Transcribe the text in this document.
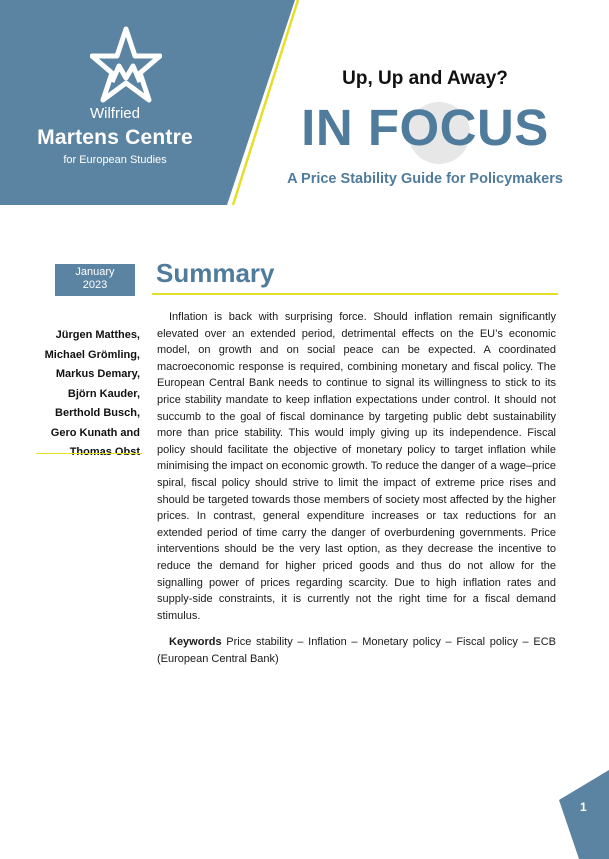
Wilfried
Martens Centre
for European Studies
Up, Up and Away?
IN FOCUS
A Price Stability Guide for Policymakers
January
2023	Summary
Jürgen Matthes,
Michael Grömling,
Markus Demary,
Björn Kauder,
Berthold Busch,
Gero Kunath and
Thomas Obst

Inflation is back with surprising force. Should inflation remain significantly elevated over an extended period, detrimental effects on the EU’s economic model, on growth and on social peace can be expected. A coordinated macroeconomic response is required, combining monetary and fiscal policy. The European Central Bank needs to continue to signal its willingness to stick to its price stability mandate to keep inflation expectations under control. It should not succumb to the goal of fiscal dominance by targeting public debt sustainability more than price stability. This would imply giving up its independence. Fiscal policy should facilitate the objective of monetary policy to target inflation while minimising the impact on economic growth. To reduce the danger of a wage–price spiral, fiscal policy should strive to limit the impact of extreme price rises and should be targeted towards those members of society most affected by the higher prices. In contrast, general expenditure increases or tax reductions for an extended period of time carry the danger of overburdening governments. Price interventions should be the very last option, as they decrease the incentive to reduce the demand for higher priced goods and thus do not allow for the signalling power of prices regarding scarcity. Due to high inflation rates and supply-side constraints, it is currently not the right time for a fiscal demand stimulus.

Keywords Price stability – Inflation – Monetary policy – Fiscal policy – ECB (European Central Bank)

1
